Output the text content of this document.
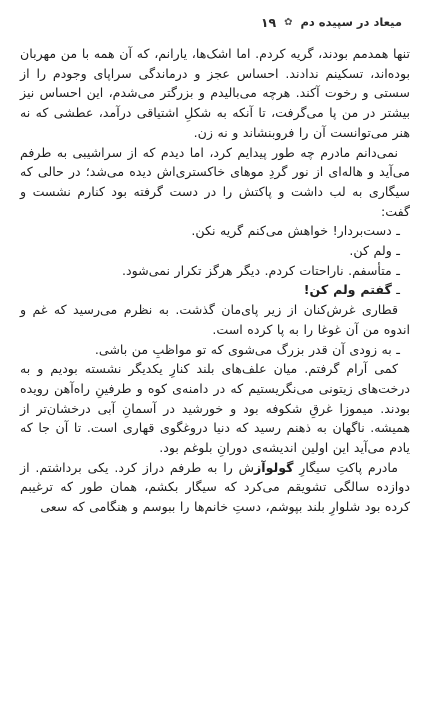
میعاد در سپیده دم
✿
۱۹

تنها همدمم بودند، گریه کردم. اما اشک‌ها، یارانم، که آن همه با من مهربان بوده‌اند، تسکینم ندادند. احساس عجز و درماندگی سراپای وجودم را از سستی و رخوت آکند. هرچه می‌بالیدم و بزرگتر می‌شدم، این احساس نیز بیشتر در من پا می‌گرفت، تا آنکه به شکلِ اشتیاقی درآمد، عطشی که نه هنر می‌توانست آن را فروبنشاند و نه زن.

نمی‌دانم مادرم چه طور پیدایم کرد، اما دیدم که از سراشیبی به طرفم می‌آید و هاله‌ای از نور گردِ موهای خاکستری‌اش دیده می‌شد؛ در حالی که سیگاری به لب داشت و پاکتش را در دست گرفته بود کنارم نشست و گفت:

ـ دست‌بردار! خواهش می‌کنم گریه نکن.

ـ ولم کن.

ـ متأسفم. ناراحتات کردم. دیگر هرگز تکرار نمی‌شود.

ـ گفتم ولم کن!

قطاری غرش‌کنان از زیر پای‌مان گذشت. به نظرم می‌رسید که غم و اندوه من آن غوغا را به پا کرده است.

ـ به زودی آن قدر بزرگ می‌شوی که تو مواظبِ من باشی.

کمی آرام گرفتم. میان علف‌های بلند کنارِ یکدیگر نشسته بودیم و به درخت‌های زیتونی می‌نگریستیم که در دامنه‌ی کوه و طرفینِ راه‌آهن رویده بودند. میموزا غرقِ شکوفه بود و خورشید در آسمانِ آبی درخشان‌تر از همیشه. ناگهان به ذهنم رسید که دنیا دروغگوی قهاری است. تا آن جا که یادم می‌آید این اولین اندیشه‌ی دورانِ بلوغم بود.

مادرم پاکتِ سیگارِ گولوآزش را به طرفم دراز کرد. یکی برداشتم. از دوازده سالگی تشویقم می‌کرد که سیگار بکشم، همان طور که ترغیبم کرده بود شلوارِ بلند بپوشم، دستِ خانم‌ها را ببوسم و هنگامی که سعی
